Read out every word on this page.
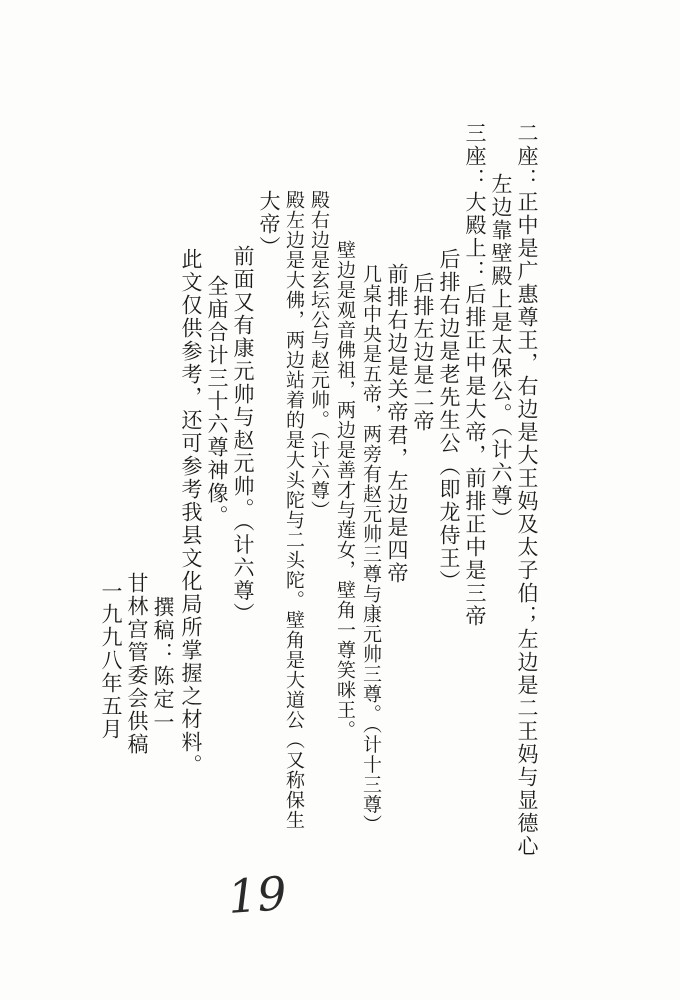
二座：正中是广惠尊王，右边是大王妈及太子伯；左边是二王妈与显德心
左边靠壁殿上是太保公。（计六尊）
三座：大殿上：后排正中是大帝，前排正中是三帝
后排右边是老先生公（即龙侍王）
后排左边是二帝
前排右边是关帝君，左边是四帝
几桌中央是五帝，两旁有赵元帅三尊与康元帅三尊。（计十三尊）
壁边是观音佛祖，两边是善才与莲女，壁角一尊笑咪王。
殿右边是玄坛公与赵元帅。（计六尊）
殿左边是大佛，两边站着的是大头陀与二头陀。壁角是大道公（又称保生
大帝）
前面又有康元帅与赵元帅。（计六尊）
全庙合计三十六尊神像。
此文仅供参考，还可参考我县文化局所掌握之材料。
撰稿：陈定一
甘林宫管委会供稿
一九九八年五月
19
